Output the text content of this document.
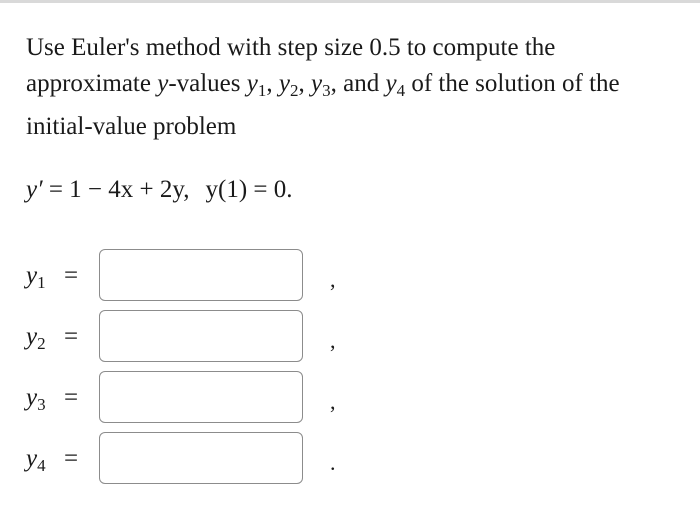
Use Euler's method with step size 0.5 to compute the approximate y-values $y_1$, $y_2$, $y_3$, and $y_4$ of the solution of the initial-value problem

y′ = 1 − 4x + 2y, y(1) = 0.
$y_1$ =	,
$y_2$ =	,
$y_3$ =	,
$y_4$ =	.
